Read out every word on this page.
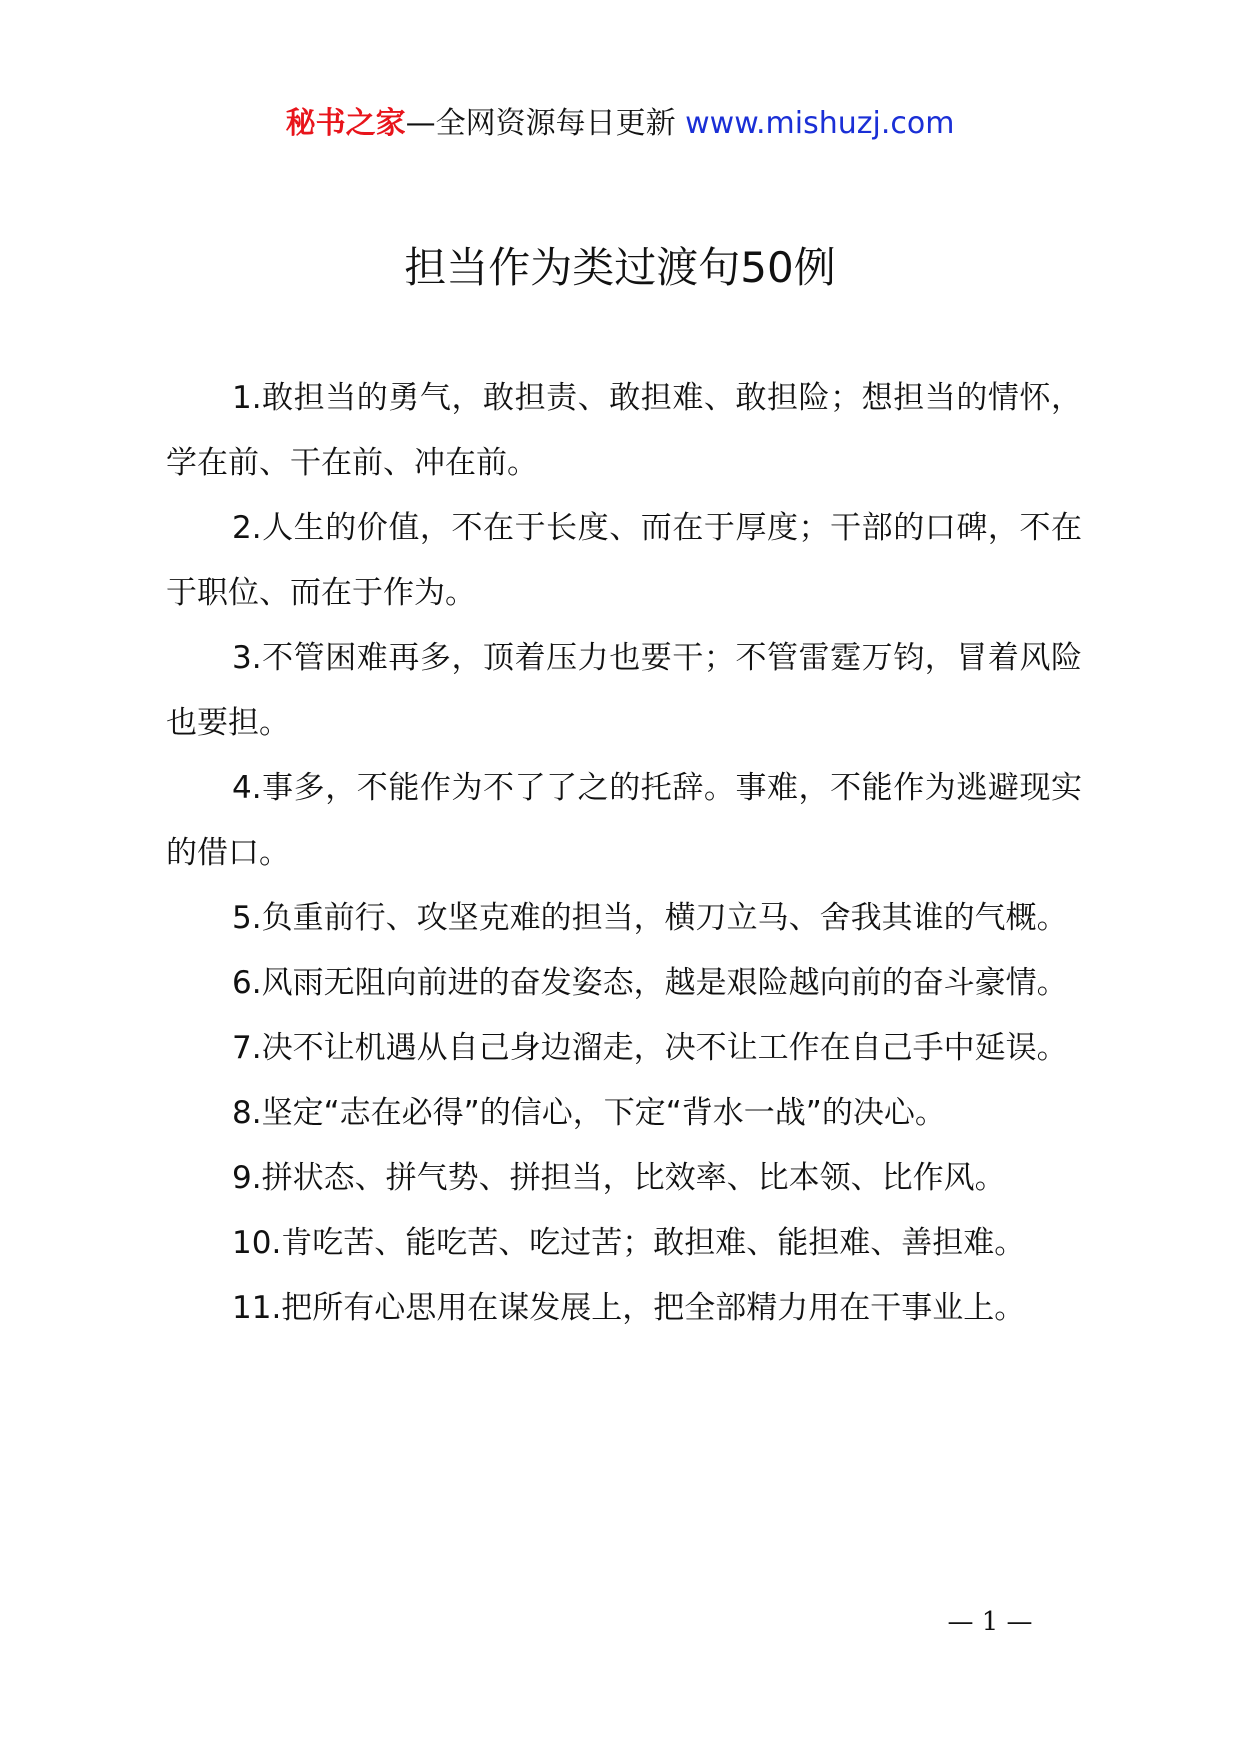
秘书之家—全网资源每日更新 www.mishuzj.com
担当作为类过渡句50例

1.敢担当的勇气，敢担责、敢担难、敢担险；想担当的情怀，学在前、干在前、冲在前。

2.人生的价值，不在于长度、而在于厚度；干部的口碑，不在于职位、而在于作为。

3.不管困难再多，顶着压力也要干；不管雷霆万钧，冒着风险也要担。

4.事多，不能作为不了了之的托辞。事难，不能作为逃避现实的借口。

5.负重前行、攻坚克难的担当，横刀立马、舍我其谁的气概。

6.风雨无阻向前进的奋发姿态，越是艰险越向前的奋斗豪情。

7.决不让机遇从自己身边溜走，决不让工作在自己手中延误。

8.坚定“志在必得”的信心，下定“背水一战”的决心。

9.拼状态、拼气势、拼担当，比效率、比本领、比作风。

10.肯吃苦、能吃苦、吃过苦；敢担难、能担难、善担难。

11.把所有心思用在谋发展上，把全部精力用在干事业上。

— 1 —
